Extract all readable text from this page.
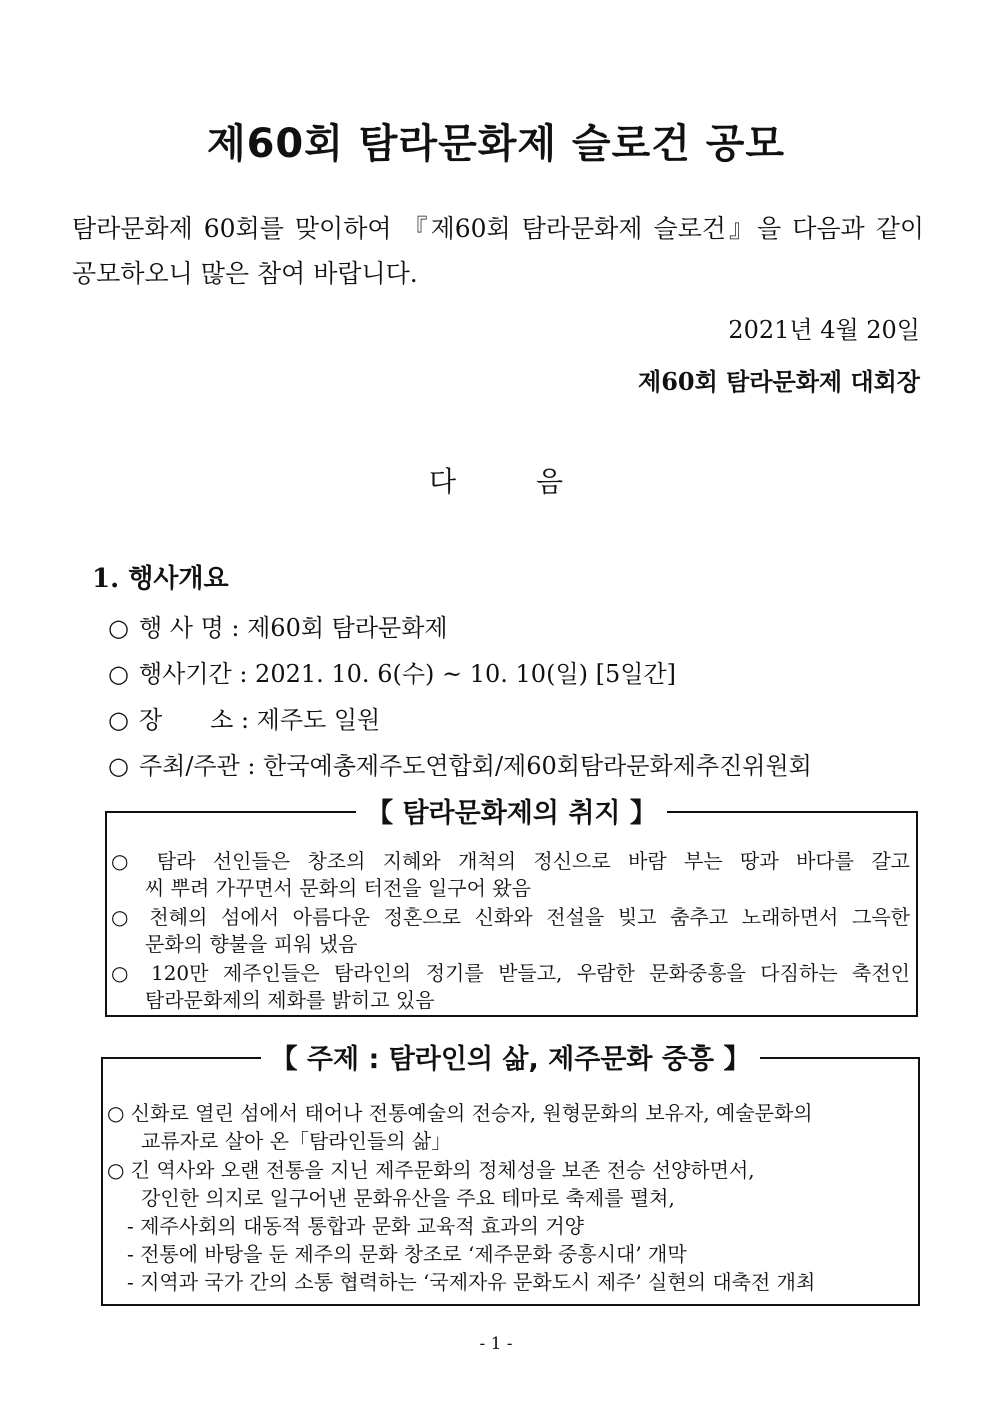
제60회 탐라문화제 슬로건 공모
탐라문화제 60회를 맞이하여 『제60회 탐라문화제 슬로건』을 다음과 같이 공모하오니 많은 참여 바랍니다.
2021년 4월 20일
제60회 탐라문화제 대회장
다	음
1. 행사개요
○ 행 사 명 : 제60회 탐라문화제
○ 행사기간 : 2021. 10. 6(수) ~ 10. 10(일) [5일간]
○ 장　　소 : 제주도 일원
○ 주최/주관 : 한국예총제주도연합회/제60회탐라문화제추진위원회
【 탐라문화제의 취지 】
○ 탐라 선인들은 창조의 지혜와 개척의 정신으로 바람 부는 땅과 바다를 갈고
씨 뿌려 가꾸면서 문화의 터전을 일구어 왔음
○ 천혜의 섬에서 아름다운 정혼으로 신화와 전설을 빚고 춤추고 노래하면서 그윽한
문화의 향불을 피워 냈음
○ 120만 제주인들은 탐라인의 정기를 받들고, 우람한 문화중흥을 다짐하는 축전인
탐라문화제의 제화를 밝히고 있음
【 주제 : 탐라인의 삶, 제주문화 중흥 】
○ 신화로 열린 섬에서 태어나 전통예술의 전승자, 원형문화의 보유자, 예술문화의
교류자로 살아 온「탐라인들의 삶」
○ 긴 역사와 오랜 전통을 지닌 제주문화의 정체성을 보존 전승 선양하면서,
강인한 의지로 일구어낸 문화유산을 주요 테마로 축제를 펼쳐,
- 제주사회의 대동적 통합과 문화 교육적 효과의 거양
- 전통에 바탕을 둔 제주의 문화 창조로 ‘제주문화 중흥시대’ 개막
- 지역과 국가 간의 소통 협력하는 ‘국제자유 문화도시 제주’ 실현의 대축전 개최
- 1 -
